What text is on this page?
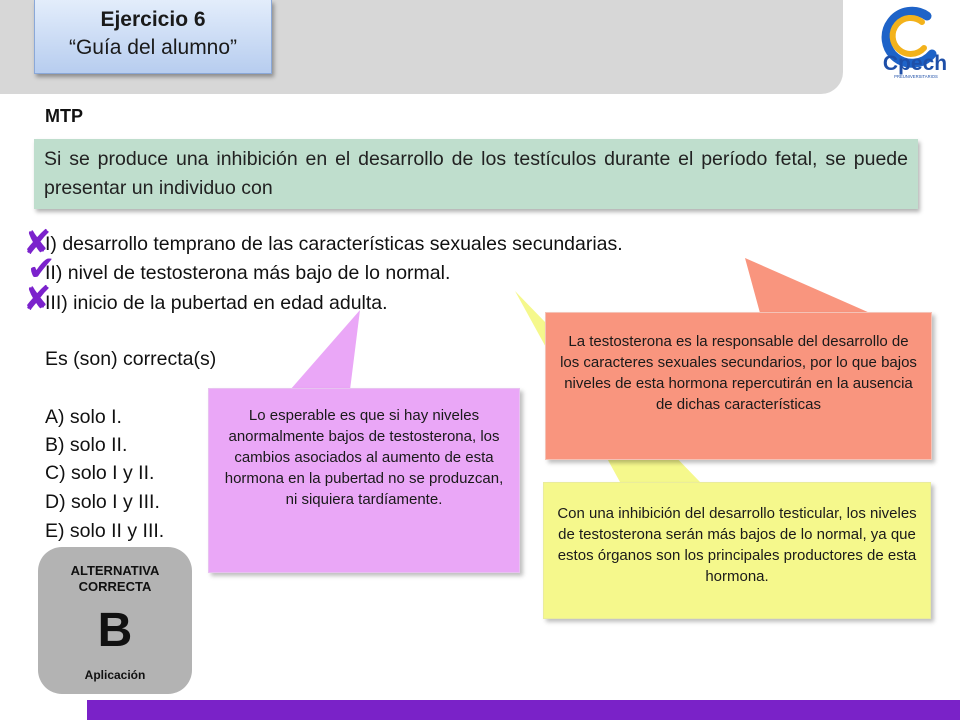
Ejercicio 6
“Guía del alumno”
Cpech
PREUNIVERSITARIOS
MTP
Si se produce una inhibición en el desarrollo de los testículos durante el período fetal, se puede presentar un individuo con
✘
✔
✘
I) desarrollo temprano de las características sexuales secundarias.
II) nivel de testosterona más bajo de lo normal.
III) inicio de la pubertad en edad adulta.
Es (son) correcta(s)
A) solo I.
B) solo II.
C) solo I y II.
D) solo I y III.
E) solo II y III.
ALTERNATIVA
CORRECTA
B
Aplicación
Con una inhibición del desarrollo testicular, los niveles de testosterona serán más bajos de lo normal, ya que estos órganos son los principales productores de esta hormona.
La testosterona es la responsable del desarrollo de los caracteres sexuales secundarios, por lo que bajos niveles de esta hormona repercutirán en la ausencia de dichas características
Lo esperable es que si hay niveles anormalmente bajos de testosterona, los cambios asociados al aumento de esta hormona en la pubertad no se produzcan, ni siquiera tardíamente.
